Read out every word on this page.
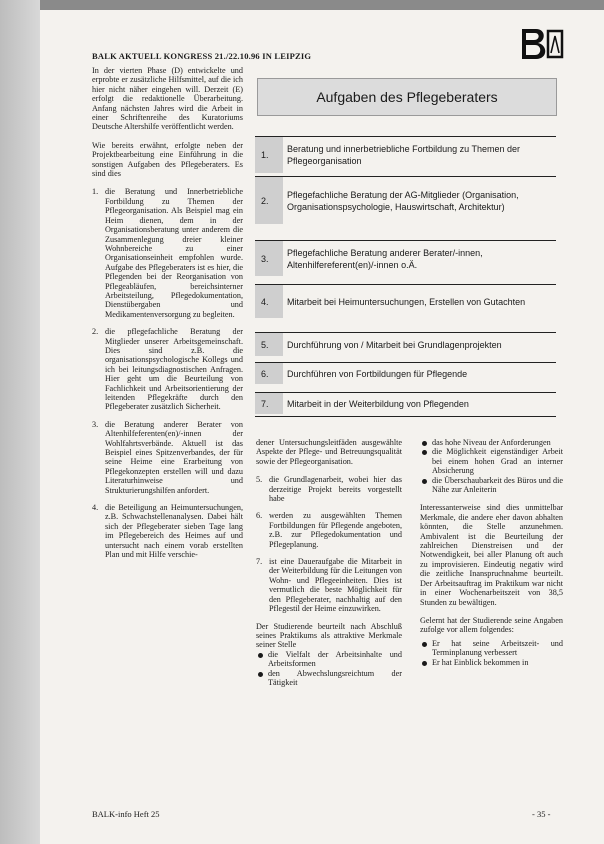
BALK AKTUELL KONGRESS 21./22.10.96 IN LEIPZIG

In der vierten Phase (D) entwickelte und erprobte er zusätzliche Hilfsmittel, auf die ich hier nicht näher eingehen will. Derzeit (E) erfolgt die redaktionelle Überarbeitung. Anfang nächsten Jahres wird die Arbeit in einer Schriftenreihe des Kuratoriums Deutsche Altershilfe veröffentlicht werden.

Wie bereits erwähnt, erfolgte neben der Projektbearbeitung eine Einführung in die sonstigen Aufgaben des Pflegeberaters. Es sind dies

1. die Beratung und Innerbetriebliche Fortbildung zu Themen der Pflegeorganisation. Als Beispiel mag ein Heim dienen, dem in der Organisationsberatung unter anderem die Zusammenlegung dreier kleiner Wohnbereiche zu einer Organisationseinheit empfohlen wurde. Aufgabe des Pflegeberaters ist es hier, die Pflegenden bei der Reorganisation von Pflegeabläufen, bereichsinterner Arbeitsteilung, Pflegedokumentation, Dienstübergaben und Medikamentenversorgung zu begleiten.
2. die pflegefachliche Beratung der Mitglieder unserer Arbeitsgemeinschaft. Dies sind z.B. die organisationspsychologische Kollegs und ich bei leitungsdiagnostischen Anfragen. Hier geht um die Beurteilung von Fachlichkeit und Arbeitsorientierung der leitenden Pflegekräfte durch den Pflegeberater zusätzlich Sicherheit.
3. die Beratung anderer Berater von Altenhilfeferenten(en)/-innen der Wohlfahrtsverbände. Aktuell ist das Beispiel eines Spitzenverbandes, der für seine Heime eine Erarbeitung von Pflegekonzepten erstellen will und dazu Literaturhinweise und Strukturierungshilfen anfordert.
4. die Beteiligung an Heimuntersuchungen, z.B. Schwachstellenanalysen. Dabei hält sich der Pflegeberater sieben Tage lang im Pflegebereich des Heimes auf und untersucht nach einem vorab erstellten Plan und mit Hilfe verschie-
Aufgaben des Pflegeberaters
1.
Beratung und innerbetriebliche Fortbildung zu Themen der Pflegeorganisation
2.
Pflegefachliche Beratung der AG-Mitglieder (Organisation, Organisationspsychologie, Hauswirtschaft, Architektur)
3.
Pflegefachliche Beratung anderer Berater/-innen, Altenhilfereferent(en)/-innen o.Ä.
4.	Mitarbeit bei Heimuntersuchungen, Erstellen von Gutachten
5.	Durchführung von / Mitarbeit bei Grundlagenprojekten
6.	Durchführen von Fortbildungen für Pflegende
7.	Mitarbeit in der Weiterbildung von Pflegenden

dener Untersuchungsleitfäden ausgewählte Aspekte der Pflege- und Betreuungsqualität sowie der Pflegeorganisation.

5. die Grundlagenarbeit, wobei hier das derzeitige Projekt bereits vorgestellt habe
6. werden zu ausgewählten Themen Fortbildungen für Pflegende angeboten, z.B. zur Pflegedokumentation und Pflegeplanung.
7. ist eine Daueraufgabe die Mitarbeit in der Weiterbildung für die Leitungen von Wohn- und Pflegeeinheiten. Dies ist vermutlich die beste Möglichkeit für den Pflegeberater, nachhaltig auf den Pflegestil der Heime einzuwirken.

Der Studierende beurteilt nach Abschluß seines Praktikums als attraktive Merkmale seiner Stelle

die Vielfalt der Arbeitsinhalte und Arbeitsformen
den Abwechslungsreichtum der Tätigkeit
das hohe Niveau der Anforderungen
die Möglichkeit eigenständiger Arbeit bei einem hohen Grad an interner Absicherung
die Überschaubarkeit des Büros und die Nähe zur Anleiterin

Interessanterweise sind dies unmittelbar Merkmale, die andere eher davon abhalten könnten, die Stelle anzunehmen. Ambivalent ist die Beurteilung der zahlreichen Dienstreisen und der Notwendigkeit, bei aller Planung oft auch zu improvisieren. Eindeutig negativ wird die zeitliche Inanspruchnahme beurteilt. Der Arbeitsauftrag im Praktikum war nicht in einer Wochenarbeitszeit von 38,5 Stunden zu bewältigen.

Gelernt hat der Studierende seine Angaben zufolge vor allem folgendes:

Er hat seine Arbeitszeit- und Terminplanung verbessert
Er hat Einblick bekommen in
BALK-info Heft 25	- 35 -
